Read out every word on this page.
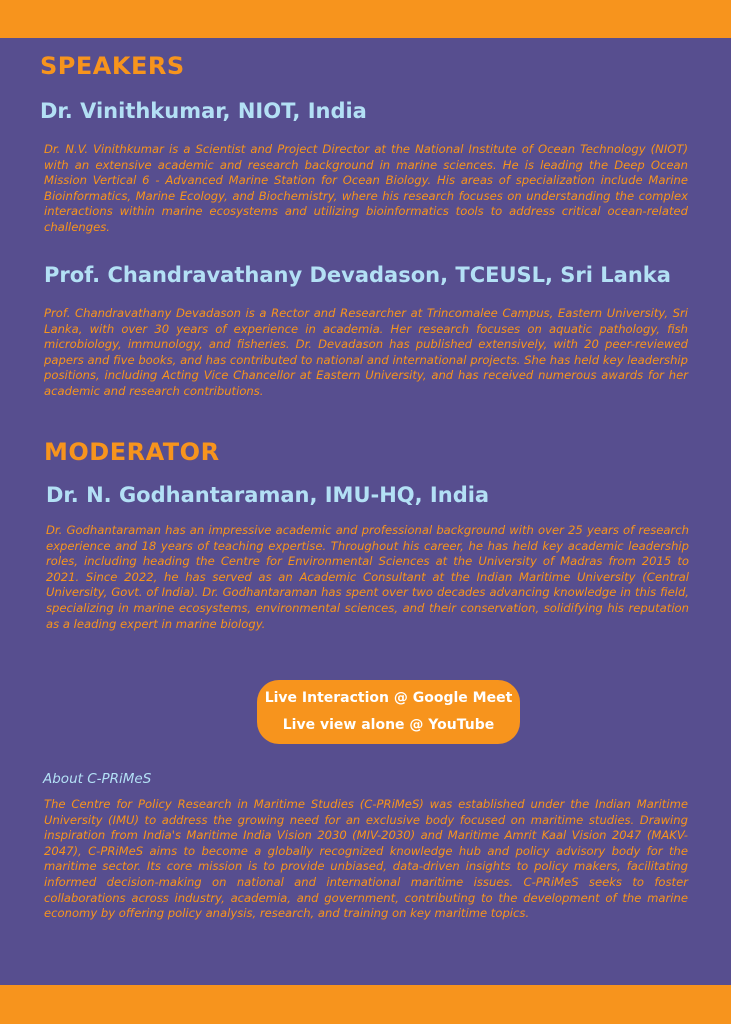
SPEAKERS
Dr. Vinithkumar, NIOT, India

Dr. N.V. Vinithkumar is a Scientist and Project Director at the National Institute of Ocean Technology (NIOT) with an extensive academic and research background in marine sciences. He is leading the Deep Ocean Mission Vertical 6 - Advanced Marine Station for Ocean Biology. His areas of specialization include Marine Bioinformatics, Marine Ecology, and Biochemistry, where his research focuses on understanding the complex interactions within marine ecosystems and utilizing bioinformatics tools to address critical ocean-related challenges.

Prof. Chandravathany Devadason, TCEUSL, Sri Lanka

Prof. Chandravathany Devadason is a Rector and Researcher at Trincomalee Campus, Eastern University, Sri Lanka, with over 30 years of experience in academia. Her research focuses on aquatic pathology, fish microbiology, immunology, and fisheries. Dr. Devadason has published extensively, with 20 peer-reviewed papers and five books, and has contributed to national and international projects. She has held key leadership positions, including Acting Vice Chancellor at Eastern University, and has received numerous awards for her academic and research contributions.

MODERATOR
Dr. N. Godhantaraman, IMU-HQ, India

Dr. Godhantaraman has an impressive academic and professional background with over 25 years of research experience and 18 years of teaching expertise. Throughout his career, he has held key academic leadership roles, including heading the Centre for Environmental Sciences at the University of Madras from 2015 to 2021. Since 2022, he has served as an Academic Consultant at the Indian Maritime University (Central University, Govt. of India). Dr. Godhantaraman has spent over two decades advancing knowledge in this field, specializing in marine ecosystems, environmental sciences, and their conservation, solidifying his reputation as a leading expert in marine biology.

Live Interaction @ Google Meet
Live view alone @ YouTube

About C-PRiMeS

The Centre for Policy Research in Maritime Studies (C-PRiMeS) was established under the Indian Maritime University (IMU) to address the growing need for an exclusive body focused on maritime studies. Drawing inspiration from India's Maritime India Vision 2030 (MIV-2030) and Maritime Amrit Kaal Vision 2047 (MAKV-2047), C-PRiMeS aims to become a globally recognized knowledge hub and policy advisory body for the maritime sector. Its core mission is to provide unbiased, data-driven insights to policy makers, facilitating informed decision-making on national and international maritime issues. C-PRiMeS seeks to foster collaborations across industry, academia, and government, contributing to the development of the marine economy by offering policy analysis, research, and training on key maritime topics.
